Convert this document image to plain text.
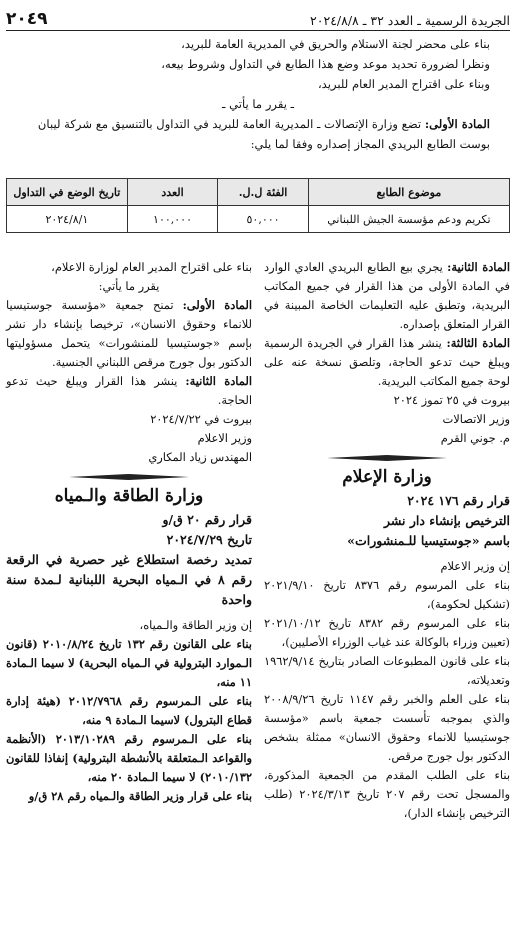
الجريدة الرسمية ـ العدد ٣٢ ـ ٢٠٢٤/٨/٨
٢٠٤٩

بناء على محضر لجنة الاستلام والحريق في المديرية العامة للبريد،

ونظرا لضرورة تحديد موعد وضع هذا الطابع في التداول وشروط بيعه،

وبناء على اقتراح المدير العام للبريد،

ـ يقرر ما يأتي ـ

المادة الأولى: تضع وزارة الإتصالات ـ المديرية العامة للبريد في التداول بالتنسيق مع شركة ليبان بوست الطابع البريدي المجاز إصداره وفقا لما يلي:

موضوع الطابع	الفئة ل.ل.	العدد	تاريخ الوضع في التداول
تكريم ودعم مؤسسة الجيش اللبناني	٥٠,٠٠٠	١٠٠,٠٠٠	٢٠٢٤/٨/١

المادة الثانية: يجري بيع الطابع البريدي العادي الوارد في المادة الأولى من هذا القرار في جميع المكاتب البريدية، وتطبق عليه التعليمات الخاصة المبينة في القرار المتعلق بإصداره.

المادة الثالثة: ينشر هذا القرار في الجريدة الرسمية ويبلغ حيث تدعو الحاجة، وتلصق نسخة عنه على لوحة جميع المكاتب البريدية.

بيروت في ٢٥ تموز ٢٠٢٤

وزير الاتصالات

م. جوني القرم

وزارة الإعلام

قرار رقم ١٧٦ ٢٠٢٤

الترخيص بإنشاء دار نشر

باسم «جوستيسيا للـمنشورات»

إن وزير الاعلام

بناء على المرسوم رقم ٨٣٧٦ تاريخ ٢٠٢١/٩/١٠ (تشكيل لحكومة)،

بناء على المرسوم رقم ٨٣٨٢ تاريخ ٢٠٢١/١٠/١٢ (تعيين وزراء بالوكالة عند غياب الوزراء الأصليين)،

بناء على قانون المطبوعات الصادر بتاريخ ١٩٦٢/٩/١٤ وتعديلاته،

بناء على العلم والخبر رقم ١١٤٧ تاريخ ٢٠٠٨/٩/٢٦ والذي بموجبه تأسست جمعية باسم «مؤسسة جوستيسيا للانماء وحقوق الانسان» ممثلة بشخص الدكتور بول جورج مرقص.

بناء على الطلب المقدم من الجمعية المذكورة، والمسجل تحت رقم ٢٠٧ تاريخ ٢٠٢٤/٣/١٣ (طلب الترخيص بإنشاء الدار)،

بناء على اقتراح المدير العام لوزارة الاعلام،

يقرر ما يأتي:

المادة الأولى: تمنح جمعية «مؤسسة جوستيسيا للانماء وحقوق الانسان»، ترخيصا بإنشاء دار نشر بإسم «جوستيسيا للمنشورات» يتحمل مسؤوليتها الدكتور بول جورج مرقص اللبناني الجنسية.

المادة الثانية: ينشر هذا القرار ويبلغ حيث تدعو الحاجة.

بيروت في ٢٠٢٤/٧/٢٢

وزير الاعلام

المهندس زياد المكاري

وزارة الطاقة والـمياه

قرار رقم ٢٠ ق/و

تاريخ ٢٠٢٤/٧/٢٩

تمديد رخصة استطلاع غير حصرية في الرقعة رقم ٨ في الـمياه البحرية اللبنانية لـمدة سنة واحدة

إن وزير الطاقة والـمياه،

بناء على القانون رقم ١٣٢ تاريخ ٢٠١٠/٨/٢٤ (قانون الـموارد البترولية في الـمياه البحرية) لا سيما الـمادة ١١ منه،

بناء على الـمرسوم رقم ٢٠١٢/٧٩٦٨ (هيئة إدارة قطاع البترول) لاسيما الـمادة ٩ منه،

بناء على الـمرسوم رقم ٢٠١٣/١٠٢٨٩ (الأنظمة والقواعد الـمتعلقة بالأنشطة البترولية) إنفاذا للقانون ٢٠١٠/١٣٢) لا سيما الـمادة ٢٠ منه،

بناء على قرار وزير الطاقة والـمياه رقم ٢٨ ق/و
